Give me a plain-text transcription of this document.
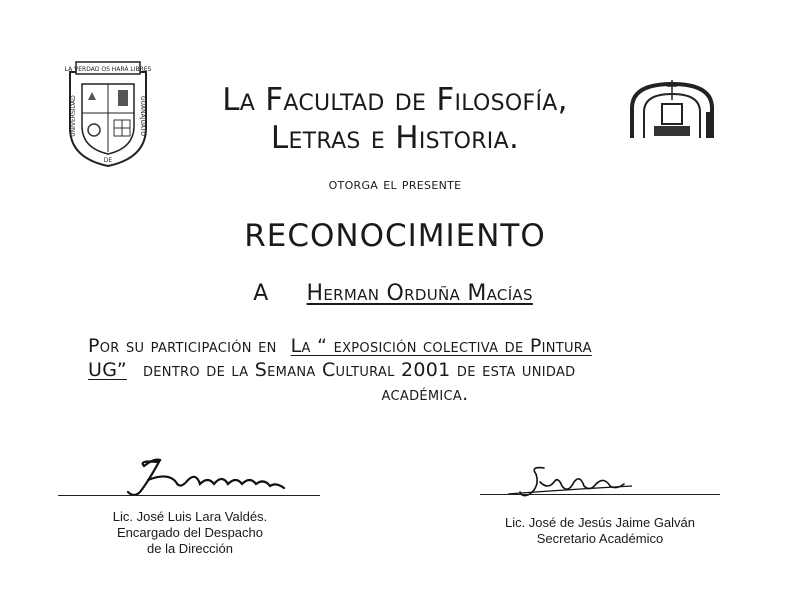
LA VERDAD OS HARÁ LIBRES
UNIVERSIDAD	GUANAJUATO
DE
La Facultad de Filosofía,
Letras e Historia.
otorga el presente
RECONOCIMIENTO
A Herman Orduña Macías
Por su participación en La “ exposición colectiva de Pintura
UG” dentro de la Semana Cultural 2001 de esta unidad
académica.
Lic. José Luis Lara Valdés.
Encargado del Despacho
de la Dirección
Lic. José de Jesús Jaime Galván
Secretario Académico
